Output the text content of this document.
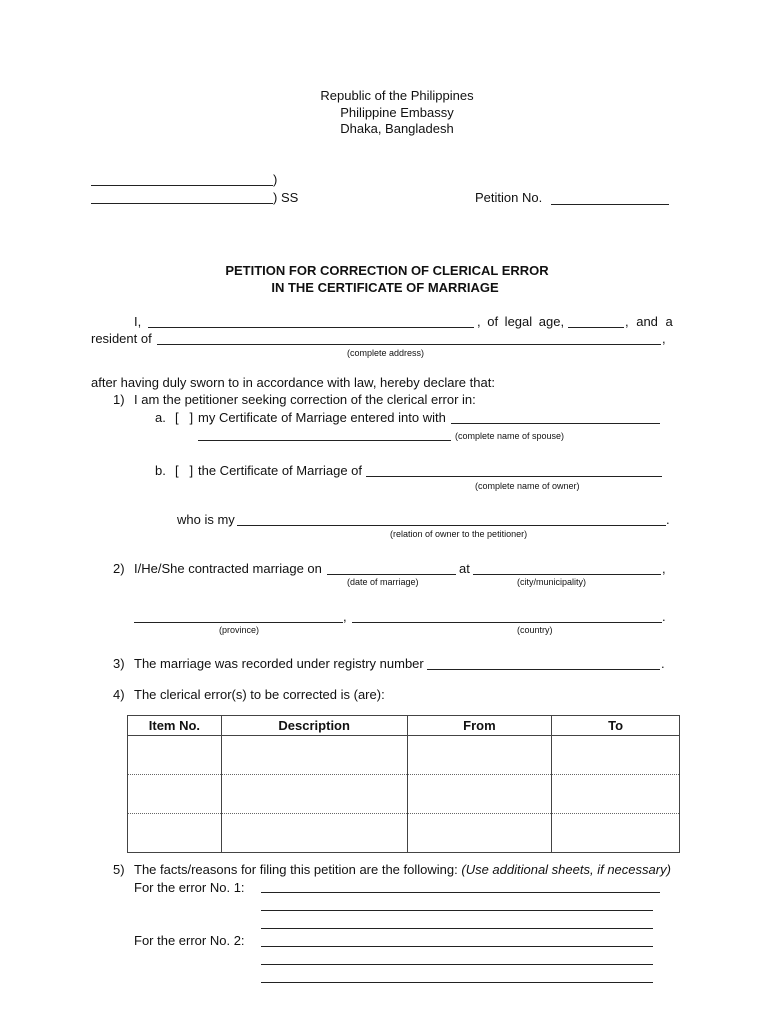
Republic of the Philippines
Philippine Embassy
Dhaka, Bangladesh
)
) SS	Petition No.
PETITION FOR CORRECTION OF CLERICAL ERROR
IN THE CERTIFICATE OF MARRIAGE
I,	, of legal age,	, and a
resident of	,
(complete address)
after having duly sworn to in accordance with law, hereby declare that:
1) I am the petitioner seeking correction of the clerical error in:
a. [   ] my Certificate of Marriage entered into with
(complete name of spouse)
b. [   ] the Certificate of Marriage of
(complete name of owner)
who is my	.
(relation of owner to the petitioner)
2) I/He/She contracted marriage on	at	,
(date of marriage)	(city/municipality)
,	.
(province)	(country)
3) The marriage was recorded under registry number	.
4) The clerical error(s) to be corrected is (are):
Item No.	Description	From	To

5) The facts/reasons for filing this petition are the following: (Use additional sheets, if necessary)
For the error No. 1:
For the error No. 2:
